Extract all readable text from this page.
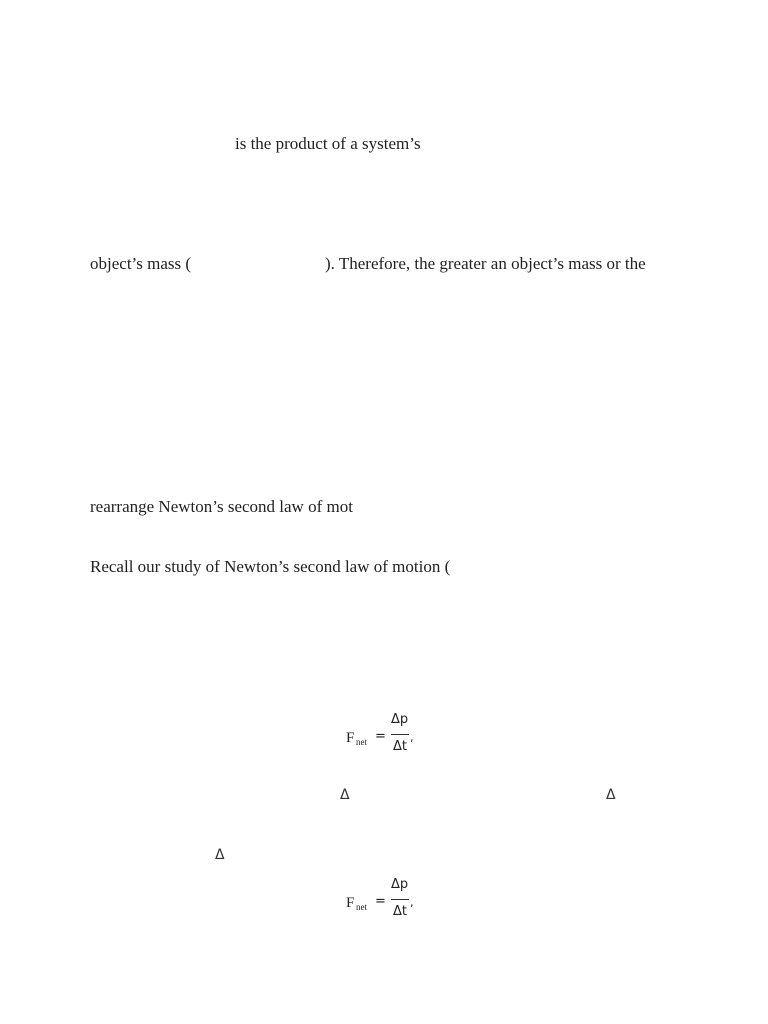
is the product of a system’s

object’s mass (	). Therefore, the greater an object’s mass or the

rearrange Newton’s second law of mot

Recall our study of Newton’s second law of motion (

F net =
Δp
Δt
,
Δ	Δ
Δ
F net =
Δp
Δt
,
